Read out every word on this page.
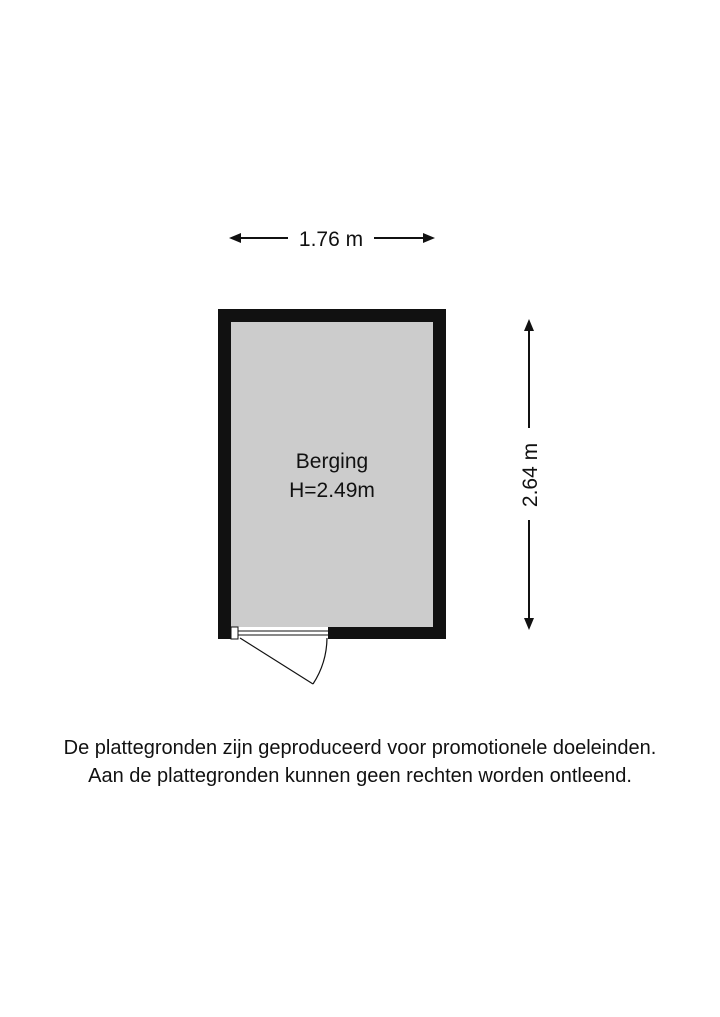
1.76 m
2.64 m
Berging
H=2.49m
De plattegronden zijn geproduceerd voor promotionele doeleinden.
Aan de plattegronden kunnen geen rechten worden ontleend.
